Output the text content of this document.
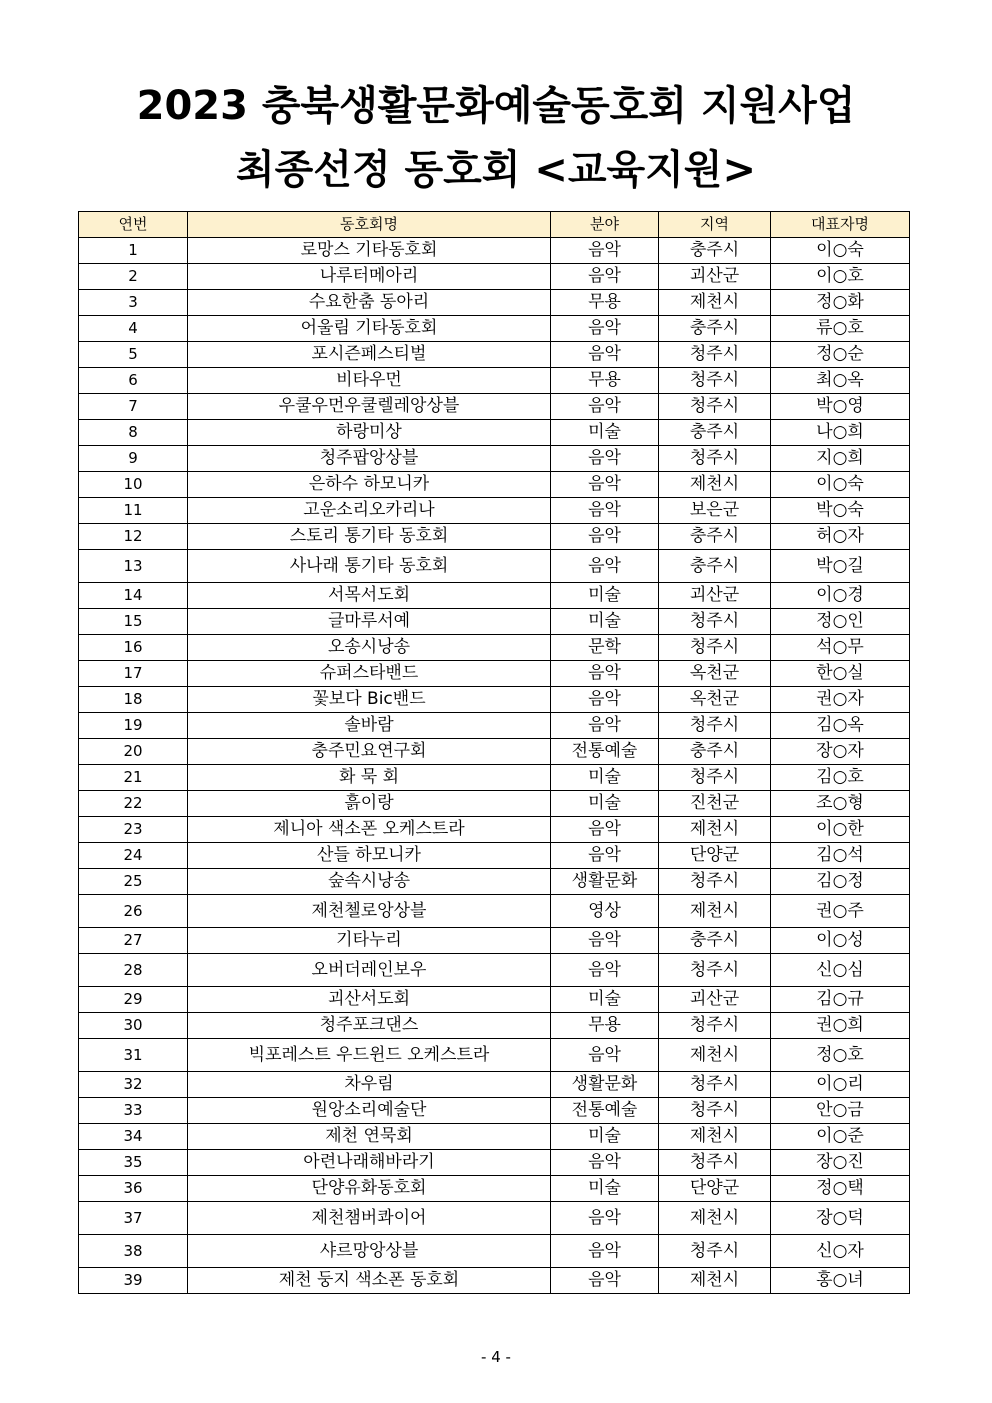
2023 충북생활문화예술동호회 지원사업
최종선정 동호회 <교육지원>
연번	동호회명	분야	지역	대표자명
1	로망스 기타동호회	음악	충주시	이○숙
2	나루터메아리	음악	괴산군	이○호
3	수요한춤 동아리	무용	제천시	정○화
4	어울림 기타동호회	음악	충주시	류○호
5	포시즌페스티벌	음악	청주시	정○순
6	비타우먼	무용	청주시	최○옥
7	우쿨우먼우쿨렐레앙상블	음악	청주시	박○영
8	하랑미상	미술	충주시	나○희
9	청주팝앙상블	음악	청주시	지○희
10	은하수 하모니카	음악	제천시	이○숙
11	고운소리오카리나	음악	보은군	박○숙
12	스토리 통기타 동호회	음악	충주시	허○자
13	사나래 통기타 동호회	음악	충주시	박○길
14	서목서도회	미술	괴산군	이○경
15	글마루서예	미술	청주시	정○인
16	오송시낭송	문학	청주시	석○무
17	슈퍼스타밴드	음악	옥천군	한○실
18	꽃보다 Bic밴드	음악	옥천군	권○자
19	솔바람	음악	청주시	김○옥
20	충주민요연구회	전통예술	충주시	장○자
21	화 묵 회	미술	청주시	김○호
22	흙이랑	미술	진천군	조○형
23	제니아 색소폰 오케스트라	음악	제천시	이○한
24	산들 하모니카	음악	단양군	김○석
25	숲속시낭송	생활문화	청주시	김○정
26	제천첼로앙상블	영상	제천시	권○주
27	기타누리	음악	충주시	이○성
28	오버더레인보우	음악	청주시	신○심
29	괴산서도회	미술	괴산군	김○규
30	청주포크댄스	무용	청주시	권○희
31	빅포레스트 우드윈드 오케스트라	음악	제천시	정○호
32	차우림	생활문화	청주시	이○리
33	원앙소리예술단	전통예술	청주시	안○금
34	제천 연묵회	미술	제천시	이○준
35	아련나래해바라기	음악	청주시	장○진
36	단양유화동호회	미술	단양군	정○택
37	제천챔버콰이어	음악	제천시	장○덕
38	샤르망앙상블	음악	청주시	신○자
39	제천 둥지 색소폰 동호회	음악	제천시	홍○녀
- 4 -
